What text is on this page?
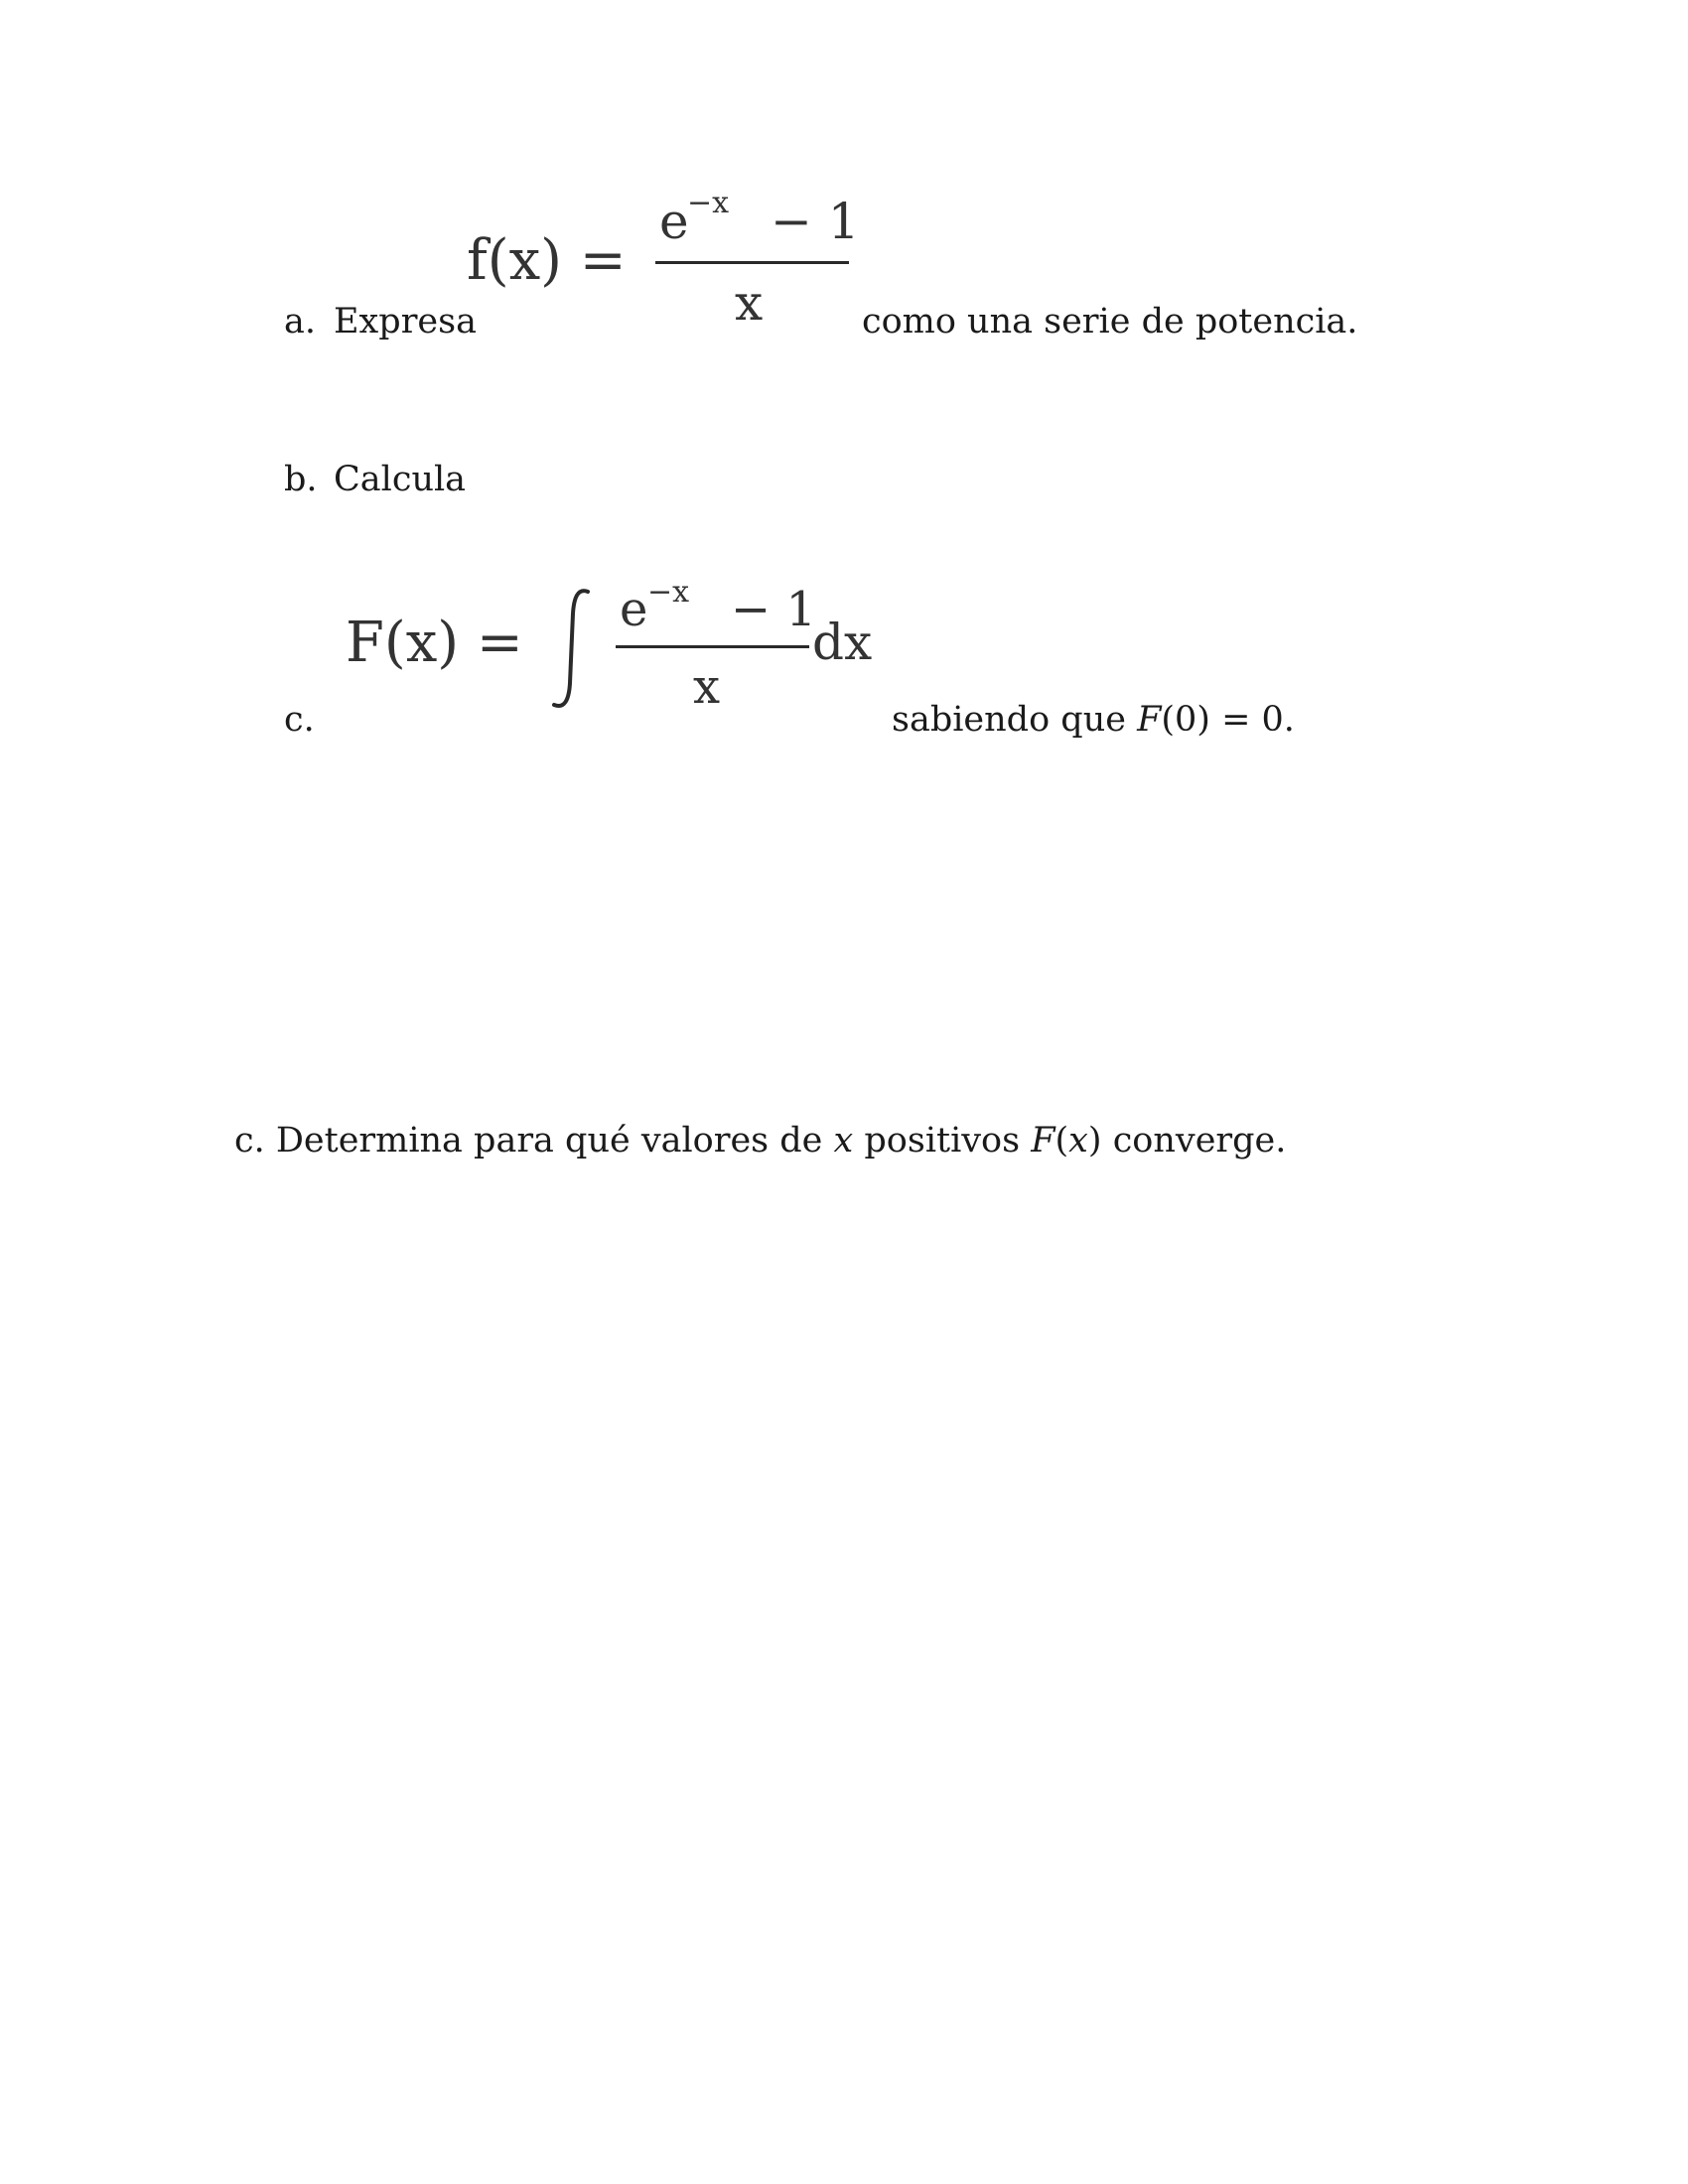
a. Expresa
f(x) =
e
−x − 1
x	como una serie de potencia.
b. Calcula
c.
F(x) =
e −x − 1
x
dx
sabiendo que F(0) = 0.
c. Determina para qué valores de x positivos F(x) converge.
